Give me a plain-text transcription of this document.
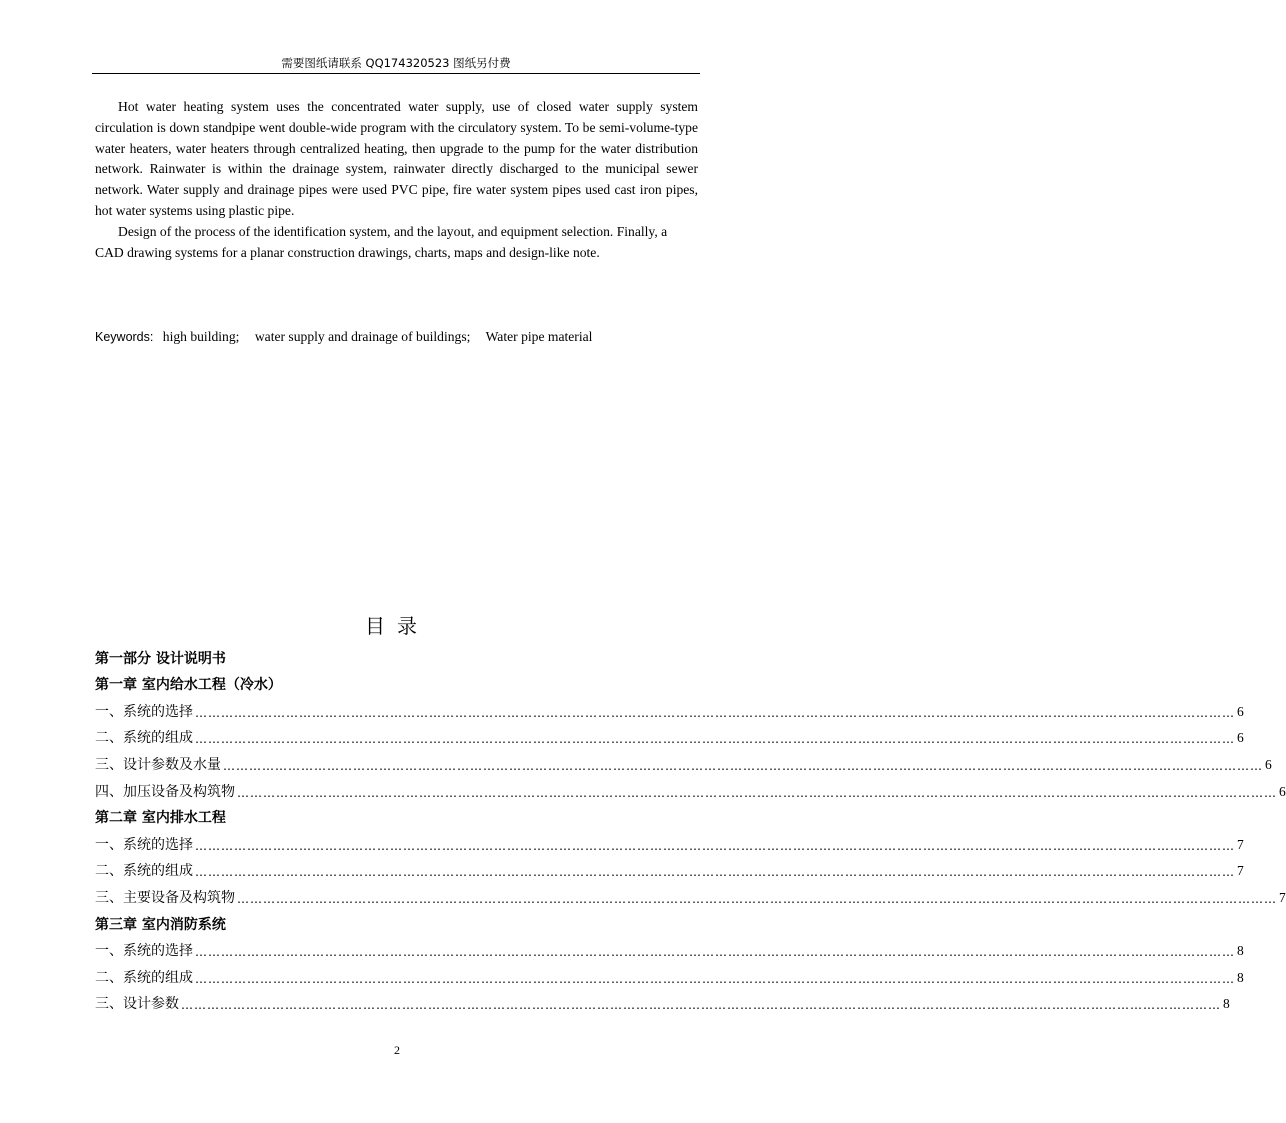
需要图纸请联系 QQ174320523 图纸另付费

Hot water heating system uses the concentrated water supply, use of closed water supply system circulation is down standpipe went double-wide program with the circulatory system. To be semi-volume-type water heaters, water heaters through centralized heating, then upgrade to the pump for the water distribution network. Rainwater is within the drainage system, rainwater directly discharged to the municipal sewer network. Water supply and drainage pipes were used PVC pipe, fire water system pipes used cast iron pipes, hot water systems using plastic pipe.

Design of the process of the identification system, and the layout, and equipment selection. Finally, a CAD drawing systems for a planar construction drawings, charts, maps and design-like note.

Keywords: high building; water supply and drainage of buildings; Water pipe material
目录
第一部分 设计说明书
第一章 室内给水工程（冷水）
一、系统的选择 …………………………………………………………………………………………………………………………………………………………………………………………………………………… 6
二、系统的组成 …………………………………………………………………………………………………………………………………………………………………………………………………………………… 6
三、设计参数及水量 …………………………………………………………………………………………………………………………………………………………………………………………………………………… 6
四、加压设备及构筑物 …………………………………………………………………………………………………………………………………………………………………………………………………………………… 6
第二章 室内排水工程
一、系统的选择 …………………………………………………………………………………………………………………………………………………………………………………………………………………… 7
二、系统的组成 …………………………………………………………………………………………………………………………………………………………………………………………………………………… 7
三、主要设备及构筑物 …………………………………………………………………………………………………………………………………………………………………………………………………………………… 7
第三章 室内消防系统
一、系统的选择 …………………………………………………………………………………………………………………………………………………………………………………………………………………… 8
二、系统的组成 …………………………………………………………………………………………………………………………………………………………………………………………………………………… 8
三、设计参数 …………………………………………………………………………………………………………………………………………………………………………………………………………………… 8
2
